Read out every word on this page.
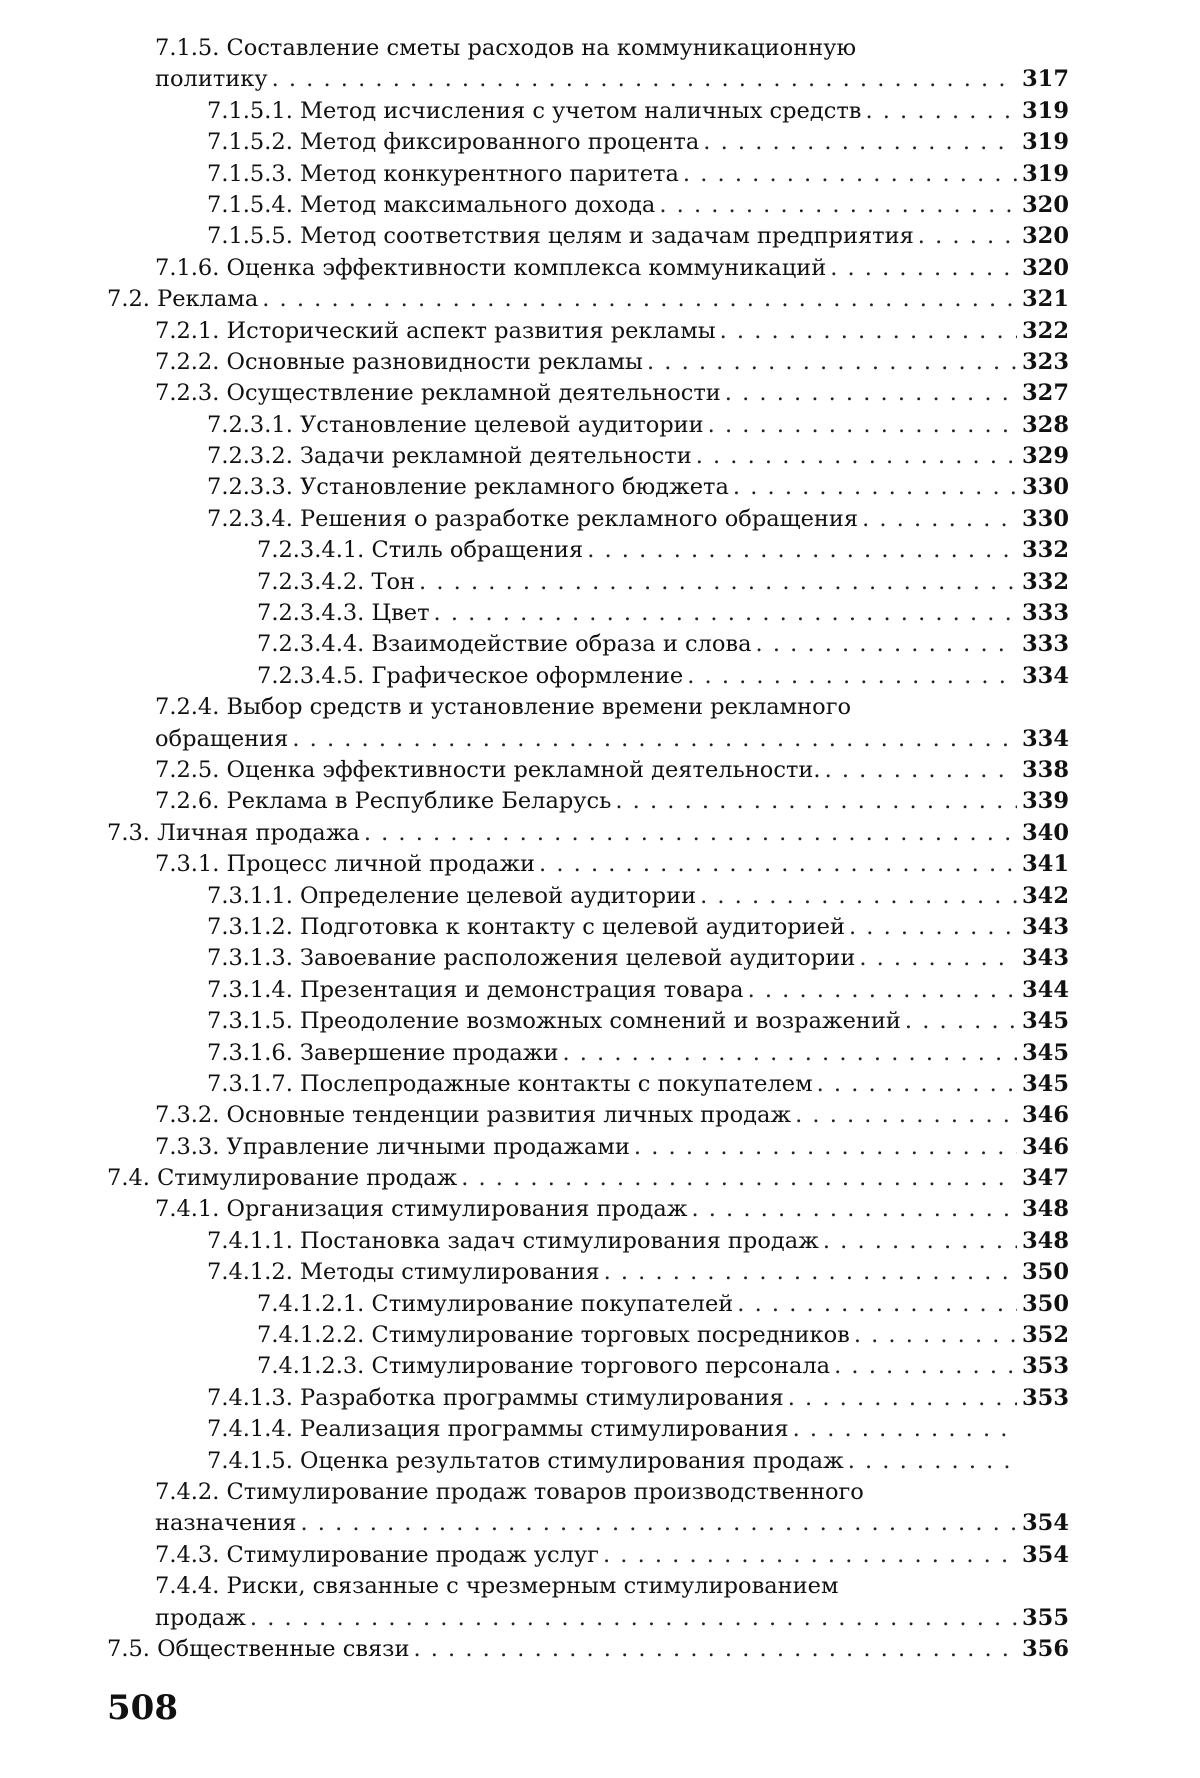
7.1.5. Составление сметы расходов на коммуникационную
политику . . .	317
7.1.5.1. Метод исчисления с учетом наличных средств . . .	319
7.1.5.2. Метод фиксированного процента . . .	319
7.1.5.3. Метод конкурентного паритета . . .	319
7.1.5.4. Метод максимального дохода . . .	320
7.1.5.5. Метод соответствия целям и задачам предприятия . . .	320
7.1.6. Оценка эффективности комплекса коммуникаций . . .	320
7.2. Реклама . . .	321
7.2.1. Исторический аспект развития рекламы . . .	322
7.2.2. Основные разновидности рекламы . . .	323
7.2.3. Осуществление рекламной деятельности . . .	327
7.2.3.1. Установление целевой аудитории . . .	328
7.2.3.2. Задачи рекламной деятельности . . .	329
7.2.3.3. Установление рекламного бюджета . . .	330
7.2.3.4. Решения о разработке рекламного обращения . . .	330
7.2.3.4.1. Стиль обращения . . .	332
7.2.3.4.2. Тон . . .	332
7.2.3.4.3. Цвет . . .	333
7.2.3.4.4. Взаимодействие образа и слова . . .	333
7.2.3.4.5. Графическое оформление . . .	334
7.2.4. Выбор средств и установление времени рекламного
обращения . . .	334
7.2.5. Оценка эффективности рекламной деятельности. . . .	338
7.2.6. Реклама в Республике Беларусь . . .	339
7.3. Личная продажа . . .	340
7.3.1. Процесс личной продажи . . .	341
7.3.1.1. Определение целевой аудитории . . .	342
7.3.1.2. Подготовка к контакту с целевой аудиторией . . .	343
7.3.1.3. Завоевание расположения целевой аудитории . . .	343
7.3.1.4. Презентация и демонстрация товара . . .	344
7.3.1.5. Преодоление возможных сомнений и возражений . . .	345
7.3.1.6. Завершение продажи . . .	345
7.3.1.7. Послепродажные контакты с покупателем . . .	345
7.3.2. Основные тенденции развития личных продаж . . .	346
7.3.3. Управление личными продажами . . .	346
7.4. Стимулирование продаж . . .	347
7.4.1. Организация стимулирования продаж . . .	348
7.4.1.1. Постановка задач стимулирования продаж . . .	348
7.4.1.2. Методы стимулирования . . .	350
7.4.1.2.1. Стимулирование покупателей . . .	350
7.4.1.2.2. Стимулирование торговых посредников . . .	352
7.4.1.2.3. Стимулирование торгового персонала . . .	353
7.4.1.3. Разработка программы стимулирования . . .	353
7.4.1.4. Реализация программы стимулирования
. . .
7.4.1.5. Оценка результатов стимулирования продаж
. . .
7.4.2. Стимулирование продаж товаров производственного
назначения . . .	354
7.4.3. Стимулирование продаж услуг . . .	354
7.4.4. Риски, связанные с чрезмерным стимулированием
продаж . . .	355
7.5. Общественные связи . . .	356
508
